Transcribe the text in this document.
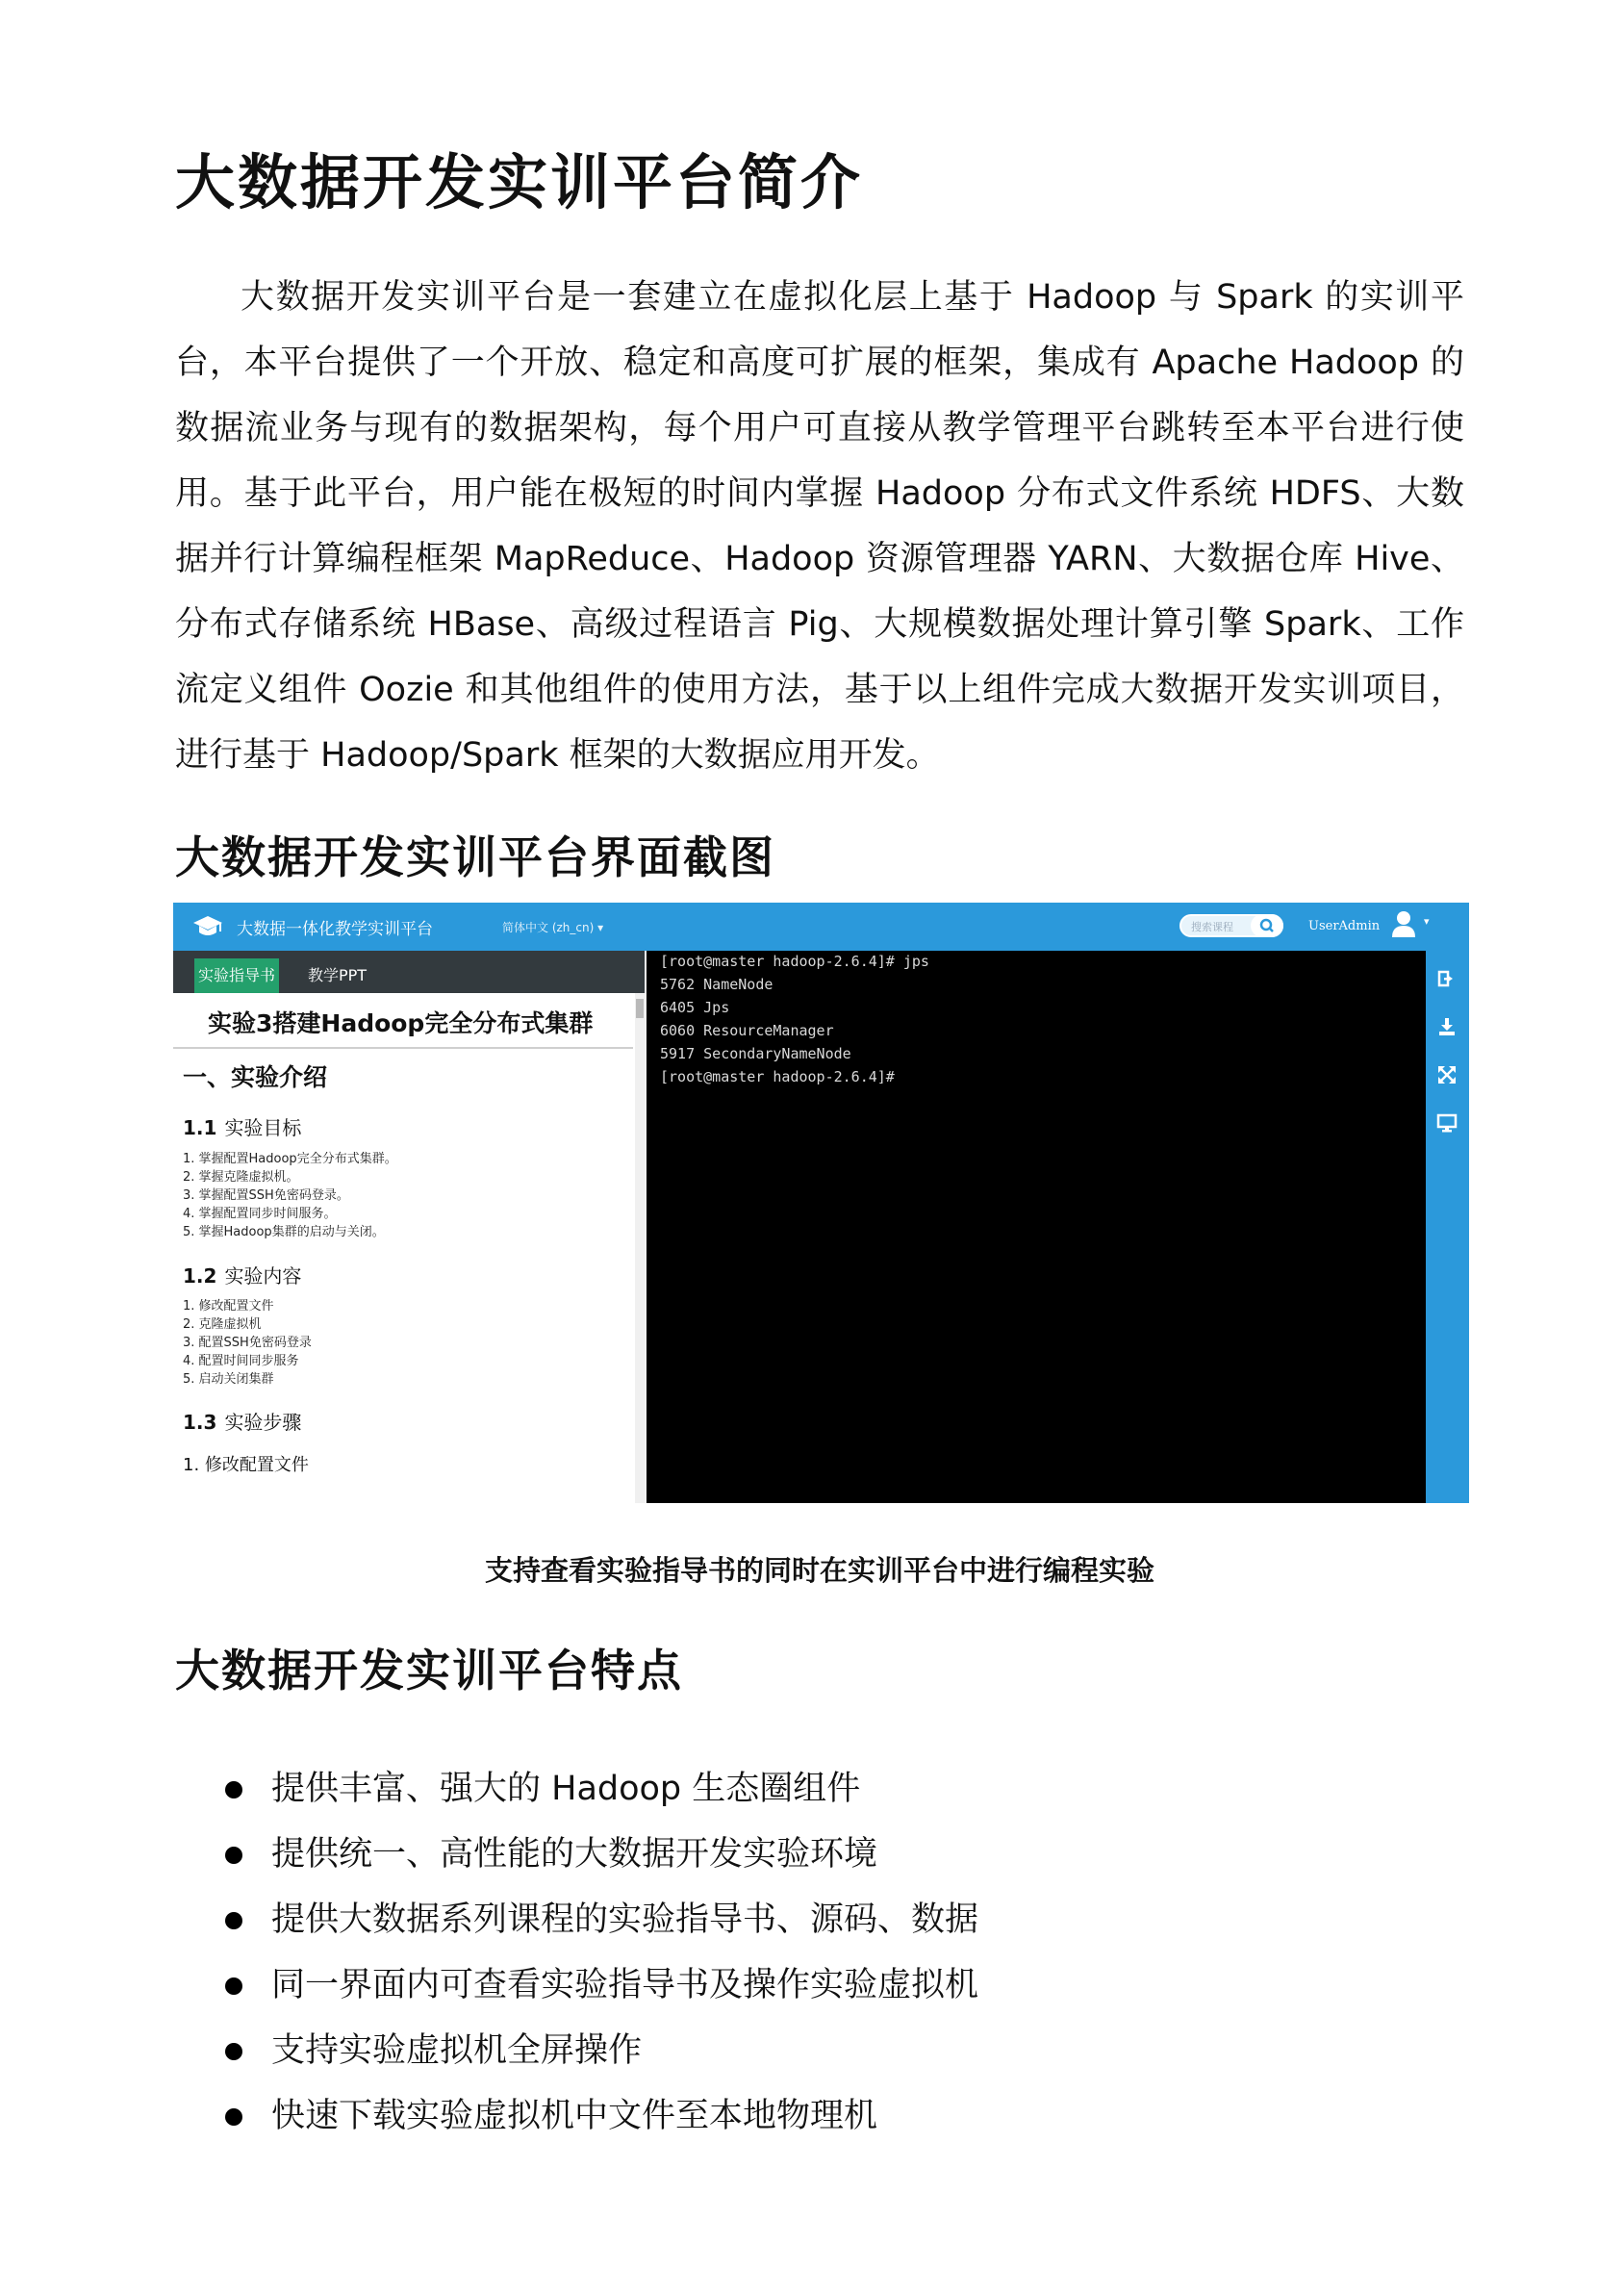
大数据开发实训平台简介

大数据开发实训平台是一套建立在虚拟化层上基于 Hadoop 与 Spark 的实训平台，本平台提供了一个开放、稳定和高度可扩展的框架，集成有 Apache Hadoop 的数据流业务与现有的数据架构，每个用户可直接从教学管理平台跳转至本平台进行使用。基于此平台，用户能在极短的时间内掌握 Hadoop 分布式文件系统 HDFS、大数据并行计算编程框架 MapReduce、Hadoop 资源管理器 YARN、大数据仓库 Hive、分布式存储系统 HBase、高级过程语言 Pig、大规模数据处理计算引擎 Spark、工作流定义组件 Oozie 和其他组件的使用方法，基于以上组件完成大数据开发实训项目，进行基于 Hadoop/Spark 框架的大数据应用开发。

大数据开发实训平台界面截图
大数据一体化教学实训平台	简体中文 (zh_cn) ▾	搜索课程	UserAdmin	▾
实验指导书 教学PPT
实验3搭建Hadoop完全分布式集群
一、实验介绍
1.1 实验目标
1. 掌握配置Hadoop完全分布式集群。
2. 掌握克隆虚拟机。
3. 掌握配置SSH免密码登录。
4. 掌握配置同步时间服务。
5. 掌握Hadoop集群的启动与关闭。
1.2 实验内容
1. 修改配置文件
2. 克隆虚拟机
3. 配置SSH免密码登录
4. 配置时间同步服务
5. 启动关闭集群
1.3 实验步骤
1. 修改配置文件
[root@master hadoop-2.6.4]# jps
5762 NameNode
6405 Jps
6060 ResourceManager
5917 SecondaryNameNode
[root@master hadoop-2.6.4]#
支持查看实验指导书的同时在实训平台中进行编程实验
大数据开发实训平台特点
提供丰富、强大的 Hadoop 生态圈组件
提供统一、高性能的大数据开发实验环境
提供大数据系列课程的实验指导书、源码、数据
同一界面内可查看实验指导书及操作实验虚拟机
支持实验虚拟机全屏操作
快速下载实验虚拟机中文件至本地物理机
